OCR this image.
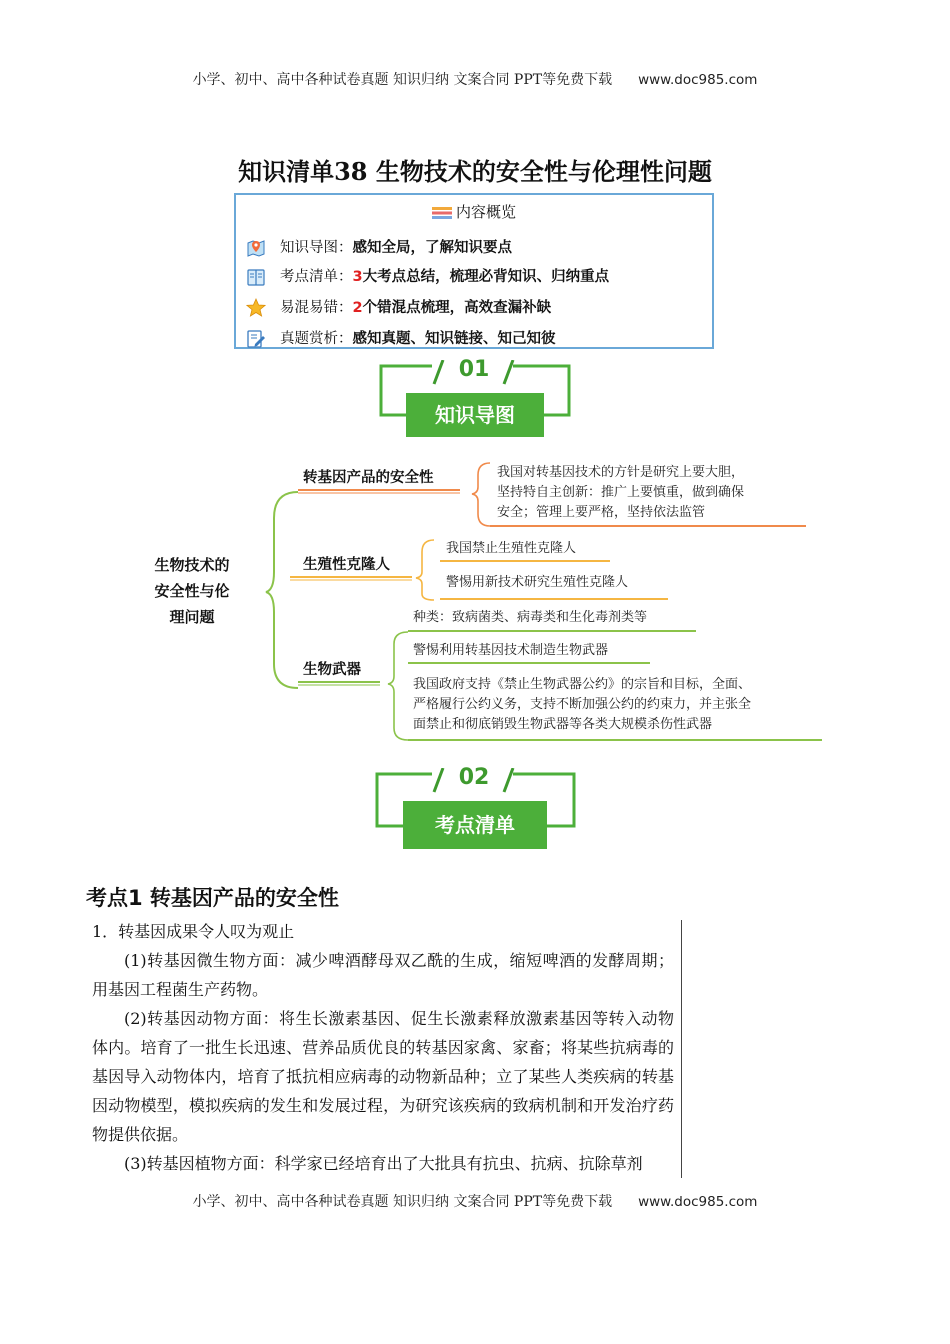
小学、初中、高中各种试卷真题 知识归纳 文案合同 PPT等免费下载 www.doc985.com
知识清单38 生物技术的安全性与伦理性问题
内容概览
知识导图：感知全局，了解知识要点
考点清单：3大考点总结，梳理必背知识、归纳重点
易混易错：2个错混点梳理，高效查漏补缺
真题赏析：感知真题、知识链接、知己知彼
01
知识导图
生物技术的
安全性与伦
理问题
转基因产品的安全性
生殖性克隆人
生物武器
我国对转基因技术的方针是研究上要大胆，
坚持特自主创新：推广上要慎重，做到确保
安全；管理上要严格，坚持依法监管
我国禁止生殖性克隆人
警惕用新技术研究生殖性克隆人
种类：致病菌类、病毒类和生化毒剂类等
警惕利用转基因技术制造生物武器
我国政府支持《禁止生物武器公约》的宗旨和目标，全面、
严格履行公约义务，支持不断加强公约的约束力，并主张全
面禁止和彻底销毁生物武器等各类大规模杀伤性武器
02
考点清单
考点1 转基因产品的安全性

1．转基因成果令人叹为观止

(1)转基因微生物方面：减少啤酒酵母双乙酰的生成，缩短啤酒的发酵周期；用基因工程菌生产药物。

(2)转基因动物方面：将生长激素基因、促生长激素释放激素基因等转入动物体内。培育了一批生长迅速、营养品质优良的转基因家禽、家畜；将某些抗病毒的基因导入动物体内，培育了抵抗相应病毒的动物新品种；立了某些人类疾病的转基因动物模型，模拟疾病的发生和发展过程，为研究该疾病的致病机制和开发治疗药物提供依据。

(3)转基因植物方面：科学家已经培育出了大批具有抗虫、抗病、抗除草剂

小学、初中、高中各种试卷真题 知识归纳 文案合同 PPT等免费下载 www.doc985.com
